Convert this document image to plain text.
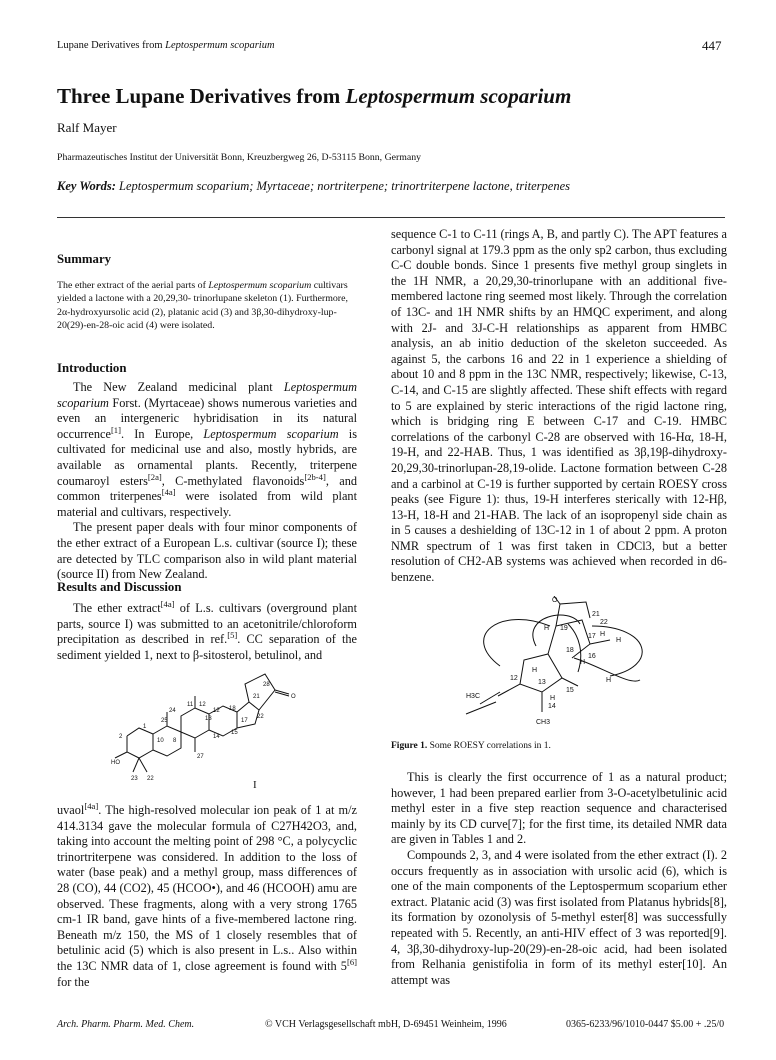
Lupane Derivatives from Leptospermum scoparium	447
Three Lupane Derivatives from Leptospermum scoparium
Ralf Mayer
Pharmazeutisches Institut der Universität Bonn, Kreuzbergweg 26, D-53115 Bonn, Germany
Key Words: Leptospermum scoparium; Myrtaceae; nortriterpene; trinortriterpene lactone, triterpenes
Summary

The ether extract of the aerial parts of Leptospermum scoparium cultivars yielded a lactone with a 20,29,30- trinorlupane skeleton (1). Furthermore, 2α-hydroxyursolic acid (2), platanic acid (3) and 3β,30-dihydroxy-lup-20(29)-en-28-oic acid (4) were isolated.

Introduction

The New Zealand medicinal plant Leptospermum scoparium Forst. (Myrtaceae) shows numerous varieties and even an intergeneric hybridisation in its natural occurrence[1]. In Europe, Leptospermum scoparium is cultivated for medicinal use and also, mostly hybrids, are available as ornamental plants. Recently, triterpene coumaroyl esters[2a], C-methylated flavonoids[2b-4], and common triterpenes[4a] were isolated from wild plant material and cultivars, respectively.

The present paper deals with four minor components of the ether extract of a European L.s. cultivar (source I); these are detected by TLC comparison also in wild plant material (source II) from New Zealand.

Results and Discussion

The ether extract[4a] of L.s. cultivars (overground plant parts, source I) was submitted to an acetonitrile/chloroform precipitation as described in ref.[5]. CC separation of the sediment yielded 1, next to β-sitosterol, betulinol, and

HO
O
28
21
22
17
18
12
12
11
13
15
14
27
24
25
8
10
1
2
23 22	I

uvaol[4a]. The high-resolved molecular ion peak of 1 at m/z 414.3134 gave the molecular formula of C27H42O3, and, taking into account the melting point of 298 °C, a polycyclic trinortriterpene was considered. In addition to the loss of water (base peak) and a methyl group, mass differences of 28 (CO), 44 (CO2), 45 (HCOO•), and 46 (HCOOH) amu are observed. These fragments, along with a very strong 1765 cm-1 IR band, gave hints of a five-membered lactone ring. Beneath m/z 150, the MS of 1 closely resembles that of betulinic acid (5) which is also present in L.s.. Also within the 13C NMR data of 1, close agreement is found with 5[6] for the

sequence C-1 to C-11 (rings A, B, and partly C). The APT features a carbonyl signal at 179.3 ppm as the only sp2 carbon, thus excluding C-C double bonds. Since 1 presents five methyl group singlets in the 1H NMR, a 20,29,30-trinorlupane with an additional five-membered lactone ring seemed most likely. Through the correlation of 13C- and 1H NMR shifts by an HMQC experiment, and along with 2J- and 3J-C-H relationships as apparent from HMBC analysis, an ab initio deduction of the skeleton succeeded. As against 5, the carbons 16 and 22 in 1 experience a shielding of about 10 and 8 ppm in the 13C NMR, respectively; likewise, C-13, C-14, and C-15 are slightly affected. These shift effects with regard to 5 are explained by steric interactions of the rigid lactone ring, which is bridging ring E between C-17 and C-19. HMBC correlations of the carbonyl C-28 are observed with 16-Hα, 18-H, 19-H, and 22-HAB. Thus, 1 was identified as 3β,19β-dihydroxy-20,29,30-trinorlupan-28,19-olide. Lactone formation between C-28 and a carbinol at C-19 is further supported by certain ROESY cross peaks (see Figure 1): thus, 19-H interferes sterically with 12-Hβ, 13-H, 18-H and 21-HAB. The lack of an isopropenyl side chain as in 5 causes a deshielding of 13C-12 in 1 of about 2 ppm. A proton NMR spectrum of 1 was first taken in CDCl3, but a better resolution of CH2-AB systems was achieved when recorded in d6-benzene.

O
21
22
H 19
17 H
H
18
16
H
H3C
12
13
H
15
H
14
CH3
H
Figure 1. Some ROESY correlations in 1.

This is clearly the first occurrence of 1 as a natural product; however, 1 had been prepared earlier from 3-O-acetylbetulinic acid methyl ester in a five step reaction sequence and characterised mainly by its CD curve[7]; for the first time, its detailed NMR data are given in Tables 1 and 2.

Compounds 2, 3, and 4 were isolated from the ether extract (I). 2 occurs frequently as in association with ursolic acid (6), which is one of the main components of the Leptospermum scoparium ether extract. Platanic acid (3) was first isolated from Platanus hybrids[8], its formation by ozonolysis of 5-methyl ester[8] was successfully repeated with 5. Recently, an anti-HIV effect of 3 was reported[9]. 4, 3β,30-dihydroxy-lup-20(29)-en-28-oic acid, had been isolated from Relhania genistifolia in form of its methyl ester[10]. An attempt was

Arch. Pharm. Pharm. Med. Chem.	© VCH Verlagsgesellschaft mbH, D-69451 Weinheim, 1996	0365-6233/96/1010-0447 $5.00 + .25/0
